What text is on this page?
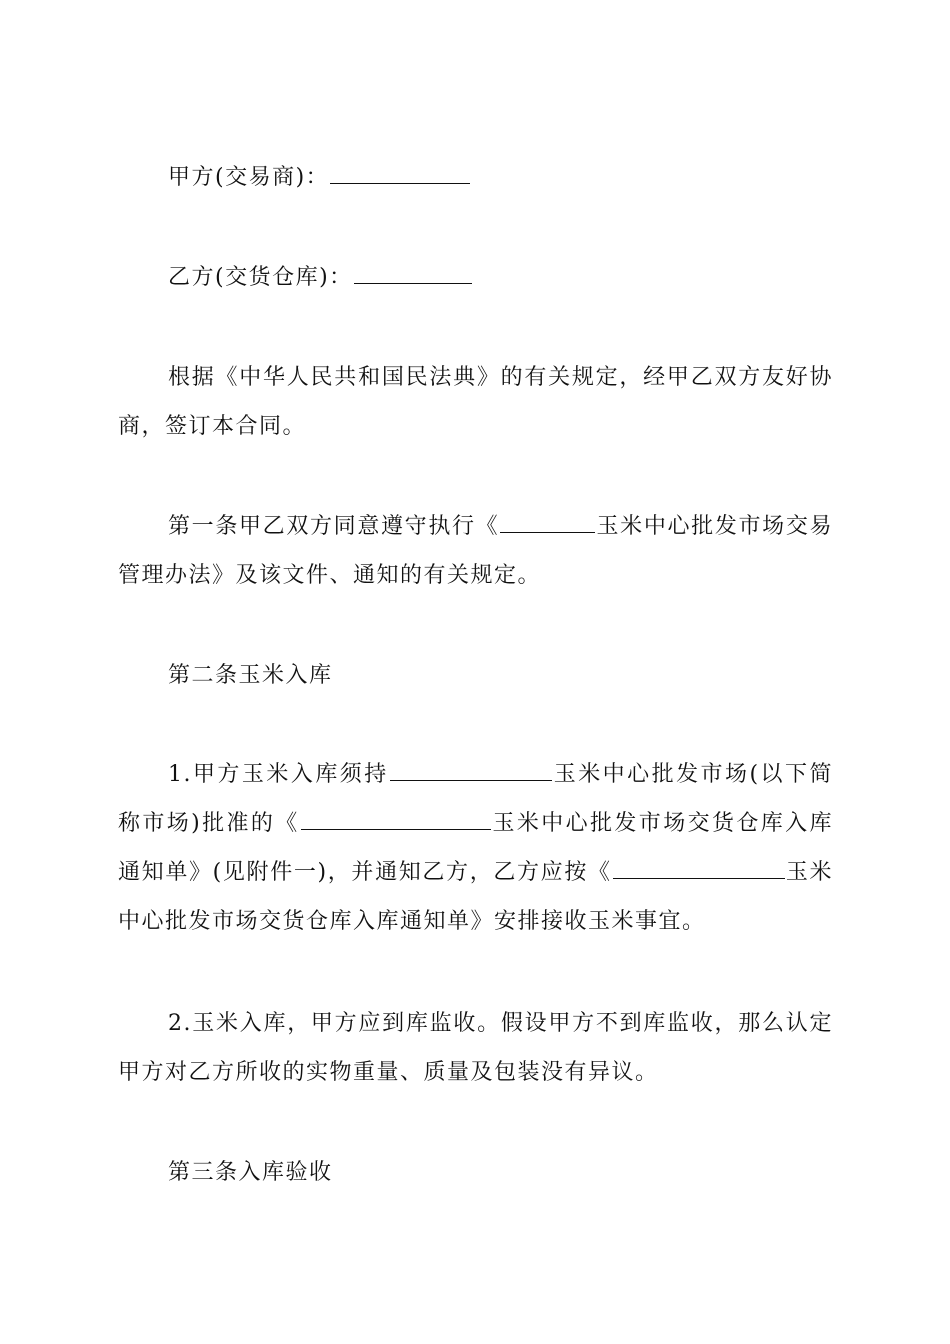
甲方(交易商)：

乙方(交货仓库)：

根据《中华人民共和国民法典》的有关规定，经甲乙双方友好协商，签订本合同。

第一条甲乙双方同意遵守执行《	玉米中心批发市场交易管理办法》及该文件、通知的有关规定。

第二条玉米入库

1.甲方玉米入库须持	玉米中心批发市场(以下简称市场)批准的《	玉米中心批发市场交货仓库入库通知单》(见附件一)，并通知乙方，乙方应按《	玉米中心批发市场交货仓库入库通知单》安排接收玉米事宜。

2.玉米入库，甲方应到库监收。假设甲方不到库监收，那么认定甲方对乙方所收的实物重量、质量及包装没有异议。

第三条入库验收
